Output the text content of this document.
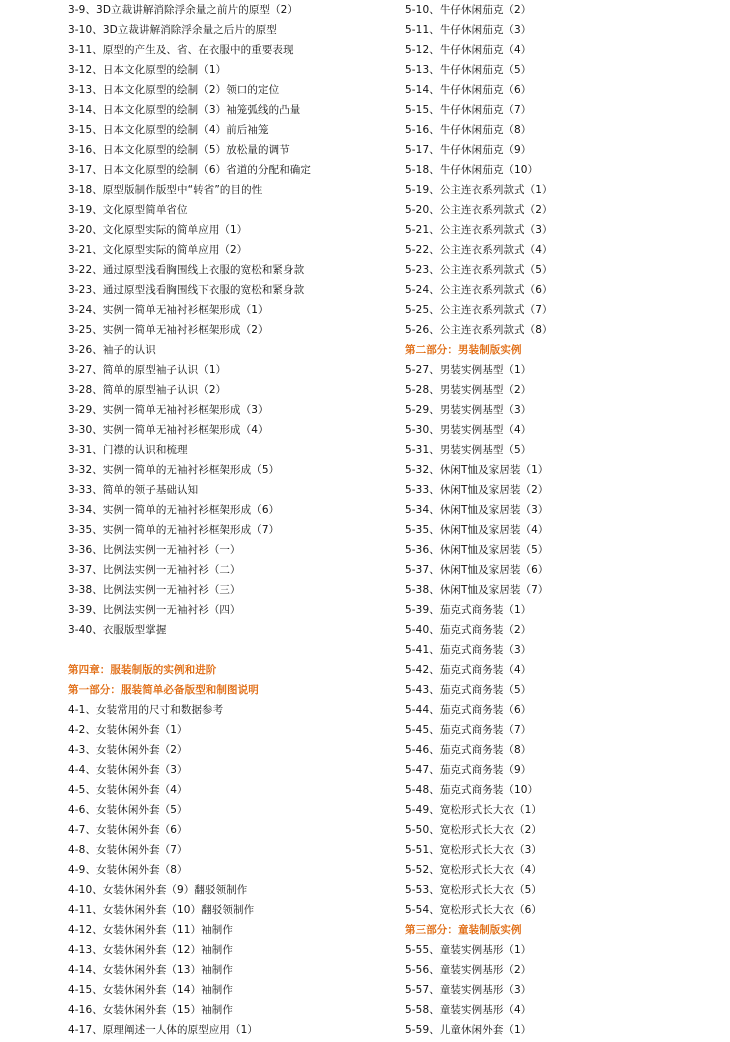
3-9、3D立裁讲解消除浮余量之前片的原型（2）
3-10、3D立裁讲解消除浮余量之后片的原型
3-11、原型的产生及、省、在衣服中的重要表现
3-12、日本文化原型的绘制（1）
3-13、日本文化原型的绘制（2）领口的定位
3-14、日本文化原型的绘制（3）袖笼弧线的凸量
3-15、日本文化原型的绘制（4）前后袖笼
3-16、日本文化原型的绘制（5）放松量的调节
3-17、日本文化原型的绘制（6）省道的分配和确定
3-18、原型版制作版型中“转省”的目的性
3-19、文化原型简单省位
3-20、文化原型实际的简单应用（1）
3-21、文化原型实际的简单应用（2）
3-22、通过原型浅看胸围线上衣服的宽松和紧身款
3-23、通过原型浅看胸围线下衣服的宽松和紧身款
3-24、实例一简单无袖衬衫框架形成（1）
3-25、实例一简单无袖衬衫框架形成（2）
3-26、袖子的认识
3-27、简单的原型袖子认识（1）
3-28、简单的原型袖子认识（2）
3-29、实例一简单无袖衬衫框架形成（3）
3-30、实例一简单无袖衬衫框架形成（4）
3-31、门襟的认识和梳理
3-32、实例一简单的无袖衬衫框架形成（5）
3-33、简单的领子基础认知
3-34、实例一简单的无袖衬衫框架形成（6）
3-35、实例一简单的无袖衬衫框架形成（7）
3-36、比例法实例一无袖衬衫（一）
3-37、比例法实例一无袖衬衫（二）
3-38、比例法实例一无袖衬衫（三）
3-39、比例法实例一无袖衬衫（四）
3-40、衣服版型掌握
第四章：服装制版的实例和进阶
第一部分：服装简单必备版型和制图说明
4-1、女装常用的尺寸和数据参考
4-2、女装休闲外套（1）
4-3、女装休闲外套（2）
4-4、女装休闲外套（3）
4-5、女装休闲外套（4）
4-6、女装休闲外套（5）
4-7、女装休闲外套（6）
4-8、女装休闲外套（7）
4-9、女装休闲外套（8）
4-10、女装休闲外套（9）翻驳领制作
4-11、女装休闲外套（10）翻驳领制作
4-12、女装休闲外套（11）袖制作
4-13、女装休闲外套（12）袖制作
4-14、女装休闲外套（13）袖制作
4-15、女装休闲外套（14）袖制作
4-16、女装休闲外套（15）袖制作
4-17、原理阐述一人体的原型应用（1）
5-10、牛仔休闲茄克（2）
5-11、牛仔休闲茄克（3）
5-12、牛仔休闲茄克（4）
5-13、牛仔休闲茄克（5）
5-14、牛仔休闲茄克（6）
5-15、牛仔休闲茄克（7）
5-16、牛仔休闲茄克（8）
5-17、牛仔休闲茄克（9）
5-18、牛仔休闲茄克（10）
5-19、公主连衣系列款式（1）
5-20、公主连衣系列款式（2）
5-21、公主连衣系列款式（3）
5-22、公主连衣系列款式（4）
5-23、公主连衣系列款式（5）
5-24、公主连衣系列款式（6）
5-25、公主连衣系列款式（7）
5-26、公主连衣系列款式（8）
第二部分：男装制版实例
5-27、男装实例基型（1）
5-28、男装实例基型（2）
5-29、男装实例基型（3）
5-30、男装实例基型（4）
5-31、男装实例基型（5）
5-32、休闲T恤及家居装（1）
5-33、休闲T恤及家居装（2）
5-34、休闲T恤及家居装（3）
5-35、休闲T恤及家居装（4）
5-36、休闲T恤及家居装（5）
5-37、休闲T恤及家居装（6）
5-38、休闲T恤及家居装（7）
5-39、茄克式商务装（1）
5-40、茄克式商务装（2）
5-41、茄克式商务装（3）
5-42、茄克式商务装（4）
5-43、茄克式商务装（5）
5-44、茄克式商务装（6）
5-45、茄克式商务装（7）
5-46、茄克式商务装（8）
5-47、茄克式商务装（9）
5-48、茄克式商务装（10）
5-49、宽松形式长大衣（1）
5-50、宽松形式长大衣（2）
5-51、宽松形式长大衣（3）
5-52、宽松形式长大衣（4）
5-53、宽松形式长大衣（5）
5-54、宽松形式长大衣（6）
第三部分：童装制版实例
5-55、童装实例基形（1）
5-56、童装实例基形（2）
5-57、童装实例基形（3）
5-58、童装实例基形（4）
5-59、儿童休闲外套（1）
